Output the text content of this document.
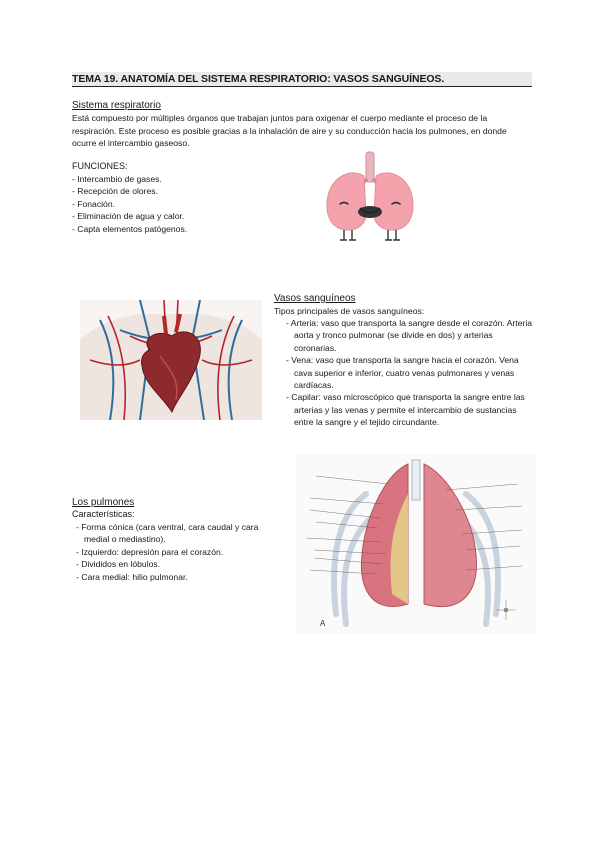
TEMA 19. ANATOMÍA DEL SISTEMA RESPIRATORIO: VASOS SANGUÍNEOS.
Sistema respiratorio
Está compuesto por múltiples órganos que trabajan juntos para oxigenar el cuerpo mediante el proceso de la respiración. Este proceso es posible gracias a la inhalación de aire y su conducción hacia los pulmones, en donde ocurre el intercambio gaseoso.
FUNCIONES:
- Intercambio de gases.
- Recepción de olores.
- Fonación.
- Eliminación de agua y calor.
- Capta elementos patógenos.
Vasos sanguíneos
Tipos principales de vasos sanguíneos:
- Arteria: vaso que transporta la sangre desde el corazón. Arteria aorta y tronco pulmonar (se divide en dos) y arterias coronarias.
- Vena: vaso que transporta la sangre hacia el corazón. Vena cava superior e inferior, cuatro venas pulmonares y venas cardíacas.
- Capilar: vaso microscópico que transporta la sangre entre las arterias y las venas y permite el intercambio de sustancias entre la sangre y el tejido circundante.
Los pulmones
Características:
- Forma cónica (cara ventral, cara caudal y cara medial o mediastino).
- Izquierdo: depresión para el corazón.
- Divididos en lóbulos.
- Cara medial: hilio pulmonar.
A
